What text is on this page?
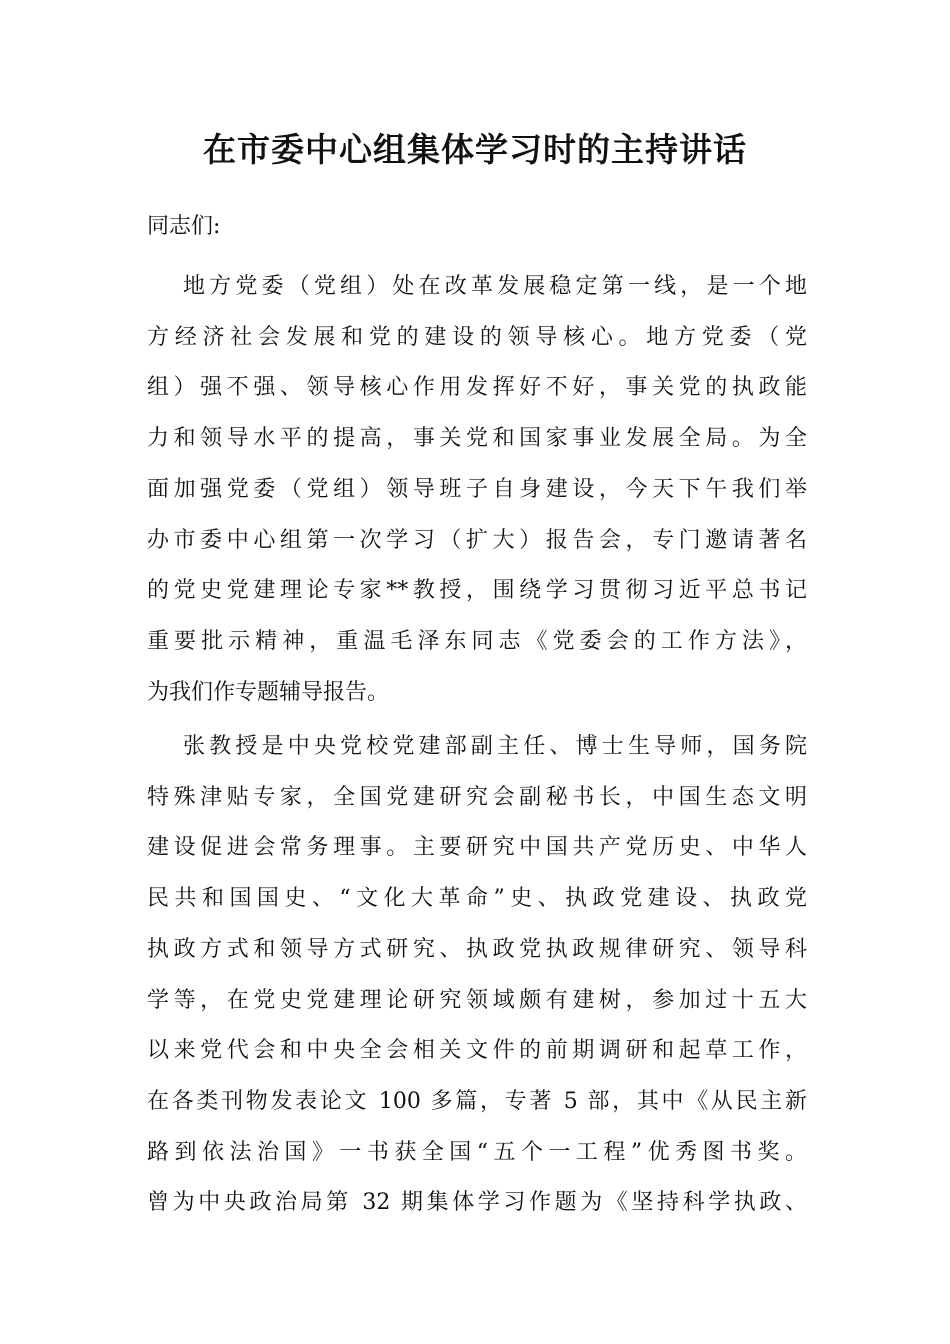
在市委中心组集体学习时的主持讲话

同志们:

地方党委（党组）处在改革发展稳定第一线，是一个地
方经济社会发展和党的建设的领导核心。地方党委（党
组）强不强、领导核心作用发挥好不好，事关党的执政能
力和领导水平的提高，事关党和国家事业发展全局。为全
面加强党委（党组）领导班子自身建设，今天下午我们举
办市委中心组第一次学习（扩大）报告会，专门邀请著名
的党史党建理论专家**教授，围绕学习贯彻习近平总书记
重要批示精神，重温毛泽东同志《党委会的工作方法》，
为我们作专题辅导报告。
张教授是中央党校党建部副主任、博士生导师，国务院
特殊津贴专家，全国党建研究会副秘书长，中国生态文明
建设促进会常务理事。主要研究中国共产党历史、中华人
民共和国国史、“文化大革命”史、执政党建设、执政党
执政方式和领导方式研究、执政党执政规律研究、领导科
学等，在党史党建理论研究领域颇有建树，参加过十五大
以来党代会和中央全会相关文件的前期调研和起草工作，
在各类刊物发表论文 100 多篇，专著 5 部，其中《从民主新
路到依法治国》一书获全国“五个一工程”优秀图书奖。
曾为中央政治局第 32 期集体学习作题为《坚持科学执政、
